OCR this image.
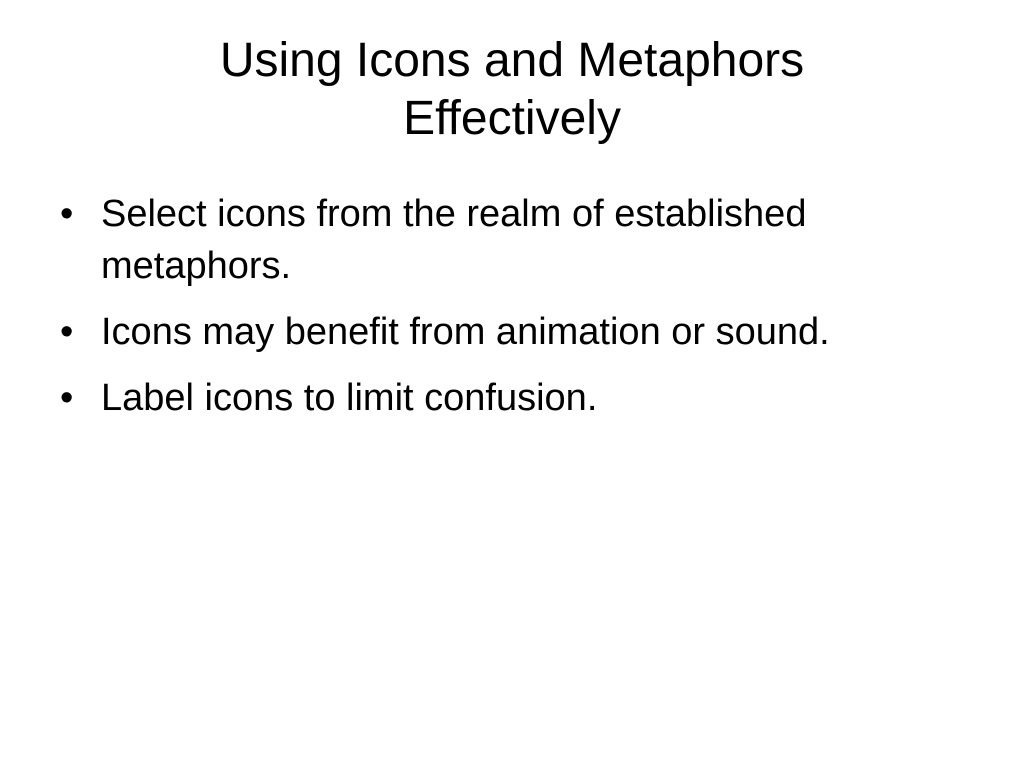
Using Icons and Metaphors
Effectively
• Select icons from the realm of established metaphors.
• Icons may benefit from animation or sound.
• Label icons to limit confusion.
